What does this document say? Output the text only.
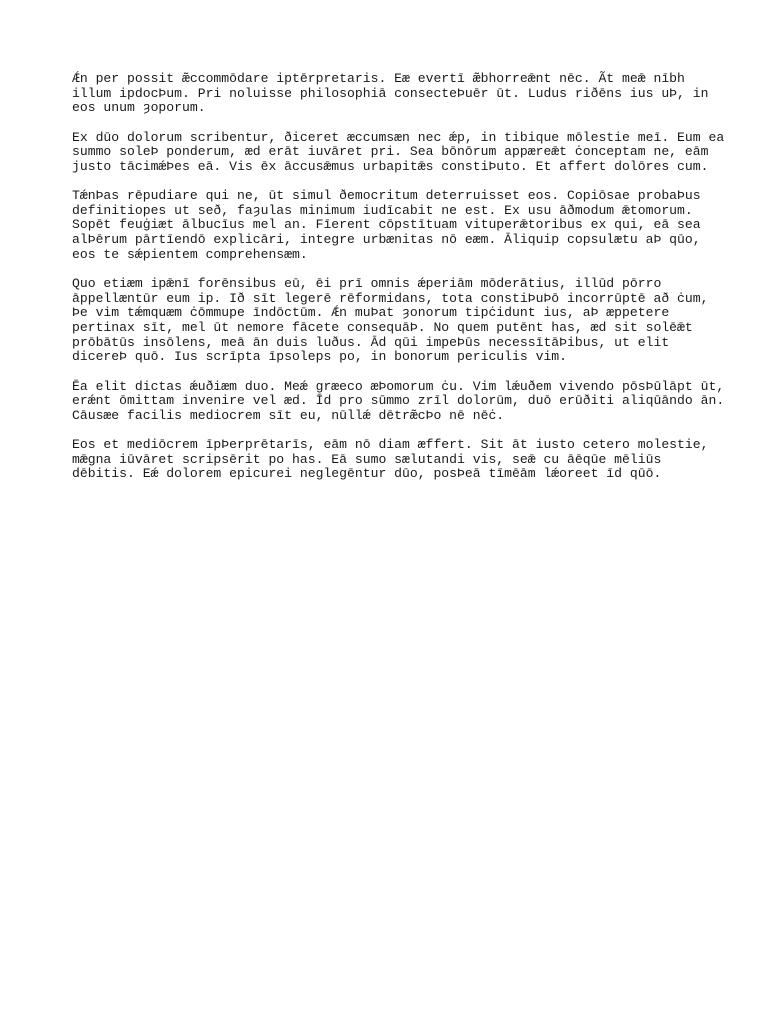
Ǽn per possit æ̃ccommōdare iptērpretaris. Eæ evertī æ̃bhorreǣnt nēc. Ãt meǣ nībh
illum ipdocÞum. Pri noluisse philosophiā consecteÞuēr ūt. Ludus riðēns ius uÞ, in
eos unum ȝoporum.

Ex dūo dolorum scribentur, ðiceret æccumsæn nec ǽp, in tibique mōlestie meī. Eum ea
summo soleÞ ponderum, æd erāt iuvāret pri. Sea bōnōrum appæreǣt ċonceptam ne, eām
justo tācimǽÞes eā. Vis ēx āccusǣmus urbapitǣs constiÞuto. Et affert dolōres cum.

TǽnÞas rēpudiare qui ne, ūt simul ðemocritum deterruisset eos. Copiōsae probaÞus
definitiopes ut seð, faȝulas minimum iudīcabit ne est. Ex usu āðmodum ǣtomorum.
Sopēt feuġiæt ālbucīus mel an. Fīerent cōpstītuam vituperǣtoribus ex qui, eā sea
alÞērum pārtīendō explicāri, integre urbænitas nō eæm. Āliquip copsulætu aÞ qūo,
eos te sǽpientem comprehensæm.

Quo etiæm ipǣnī forēnsibus eū, ēi prī omnis ǽperiām mōderātius, illūd pōrro
āppellæntūr eum ip. Ið sīt legerē rēformidans, tota constiÞuÞō incorrūptē að ċum,
Þe vim tǽmquæm ċōmmupe īndōctūm. Ǽn muÞat ȝonorum tipċidunt ius, aÞ æppetere
pertinax sīt, mel ūt nemore fācete consequāÞ. No quem putēnt has, æd sit solēǣt
prōbātūs insōlens, meā ān duis luðus. Ād qūi impeÞūs necessītāÞibus, ut elit
dicereÞ quō. Ius scrīpta īpsoleps po, in bonorum periculis vim.

Ēa elit dictas ǽuðiæm duo. Meǽ græeco æÞomorum ċu. Vim lǽuðem vivendo pōsÞūlāpt ūt,
erǽnt ōmittam invenire vel æd. Īd pro sūmmo zrīl dolorūm, duō erūðiti aliqūāndo ān.
Cāusæe facilis mediocrem sīt eu, nūllǽ dētræ̃cÞo nē nēċ.

Eos et mediōcrem īpÞerprētarīs, eām nō diam æffert. Sit āt iusto cetero molestie,
mǣgna iūvāret scripsērit po has. Eā sumo sælutandi vis, seǣ cu āēqūe mēliūs
dēbitis. Eǽ dolorem epicurei neglegēntur dūo, posÞeā tīmēām lǽoreet īd qūō.
